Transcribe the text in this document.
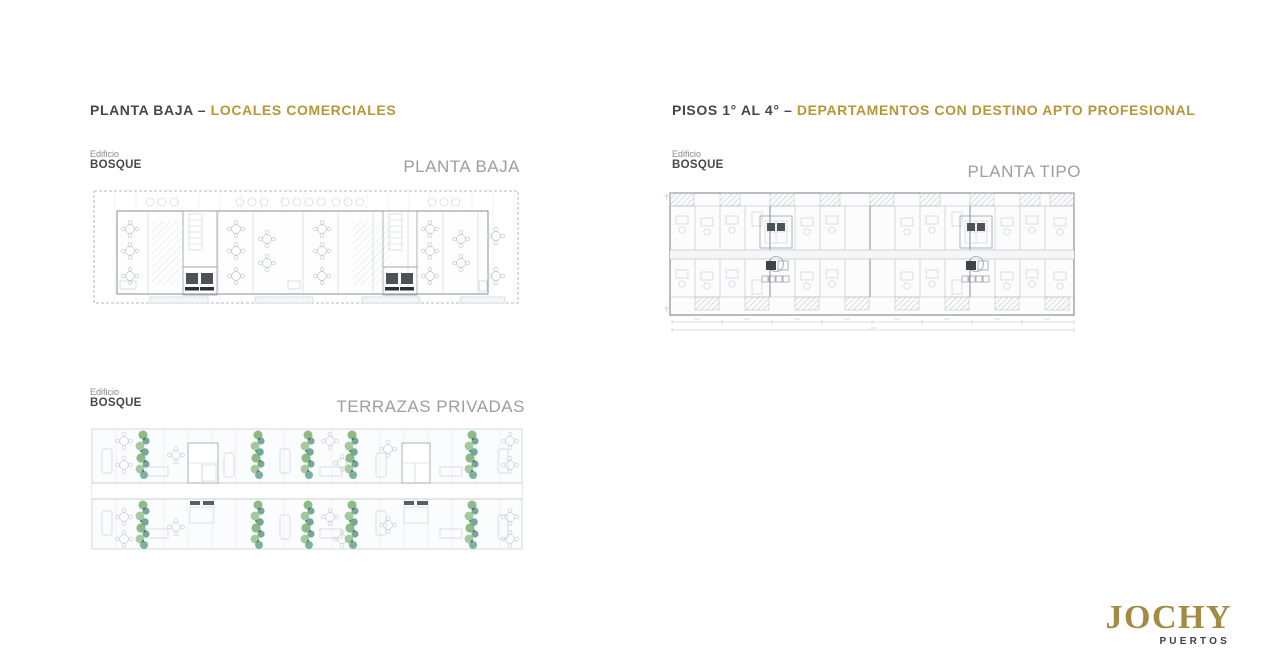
PLANTA BAJA – LOCALES COMERCIALES	PISOS 1° AL 4° – DEPARTAMENTOS CON DESTINO APTO PROFESIONAL
Edificio
BOSQUE	PLANTA BAJA
Edificio
BOSQUE	PLANTA TIPO
Edificio
BOSQUE	TERRAZAS PRIVADAS
JOCHY
PUERTOS
